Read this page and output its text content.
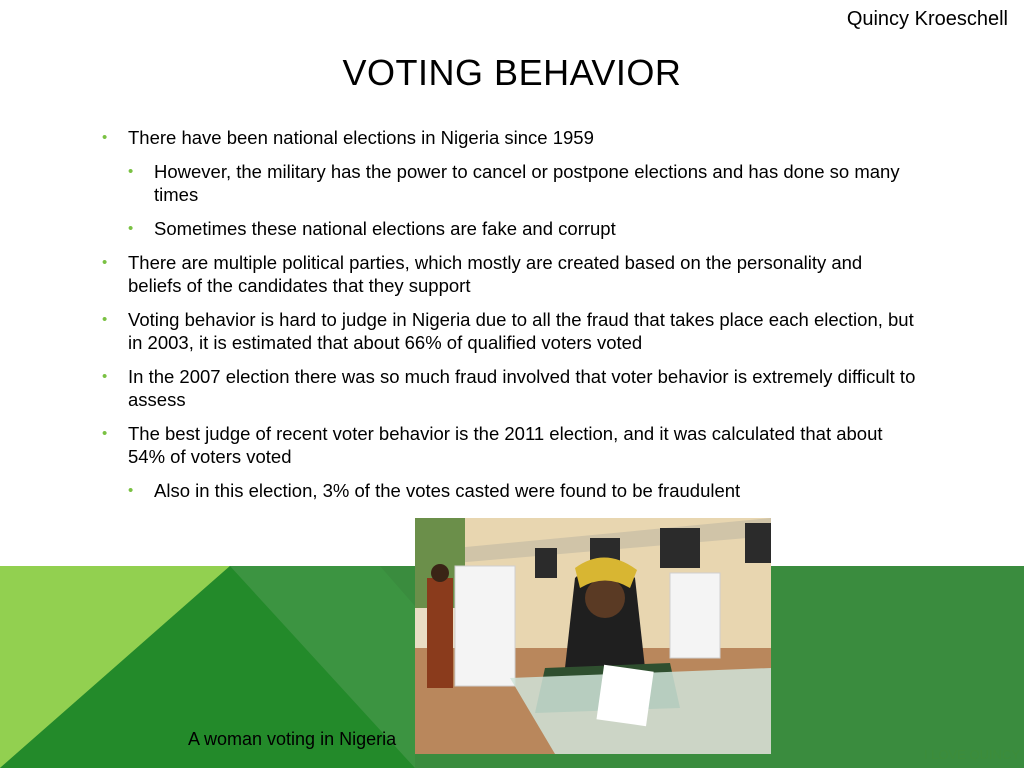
Quincy Kroeschell
VOTING BEHAVIOR
• There have been national elections in Nigeria since 1959
• However, the military has the power to cancel or postpone elections and has done so many times
• Sometimes these national elections are fake and corrupt
• There are multiple political parties, which mostly are created based on the personality and beliefs of the candidates that they support
• Voting behavior is hard to judge in Nigeria due to all the fraud that takes place each election, but in 2003, it is estimated that about 66% of qualified voters voted
• In the 2007 election there was so much fraud involved that voter behavior is extremely difficult to assess
• The best judge of recent voter behavior is the 2011 election, and it was calculated that about 54% of voters voted
• Also in this election, 3% of the votes casted were found to be fraudulent
A woman voting in Nigeria
I LOVE QUINCY
